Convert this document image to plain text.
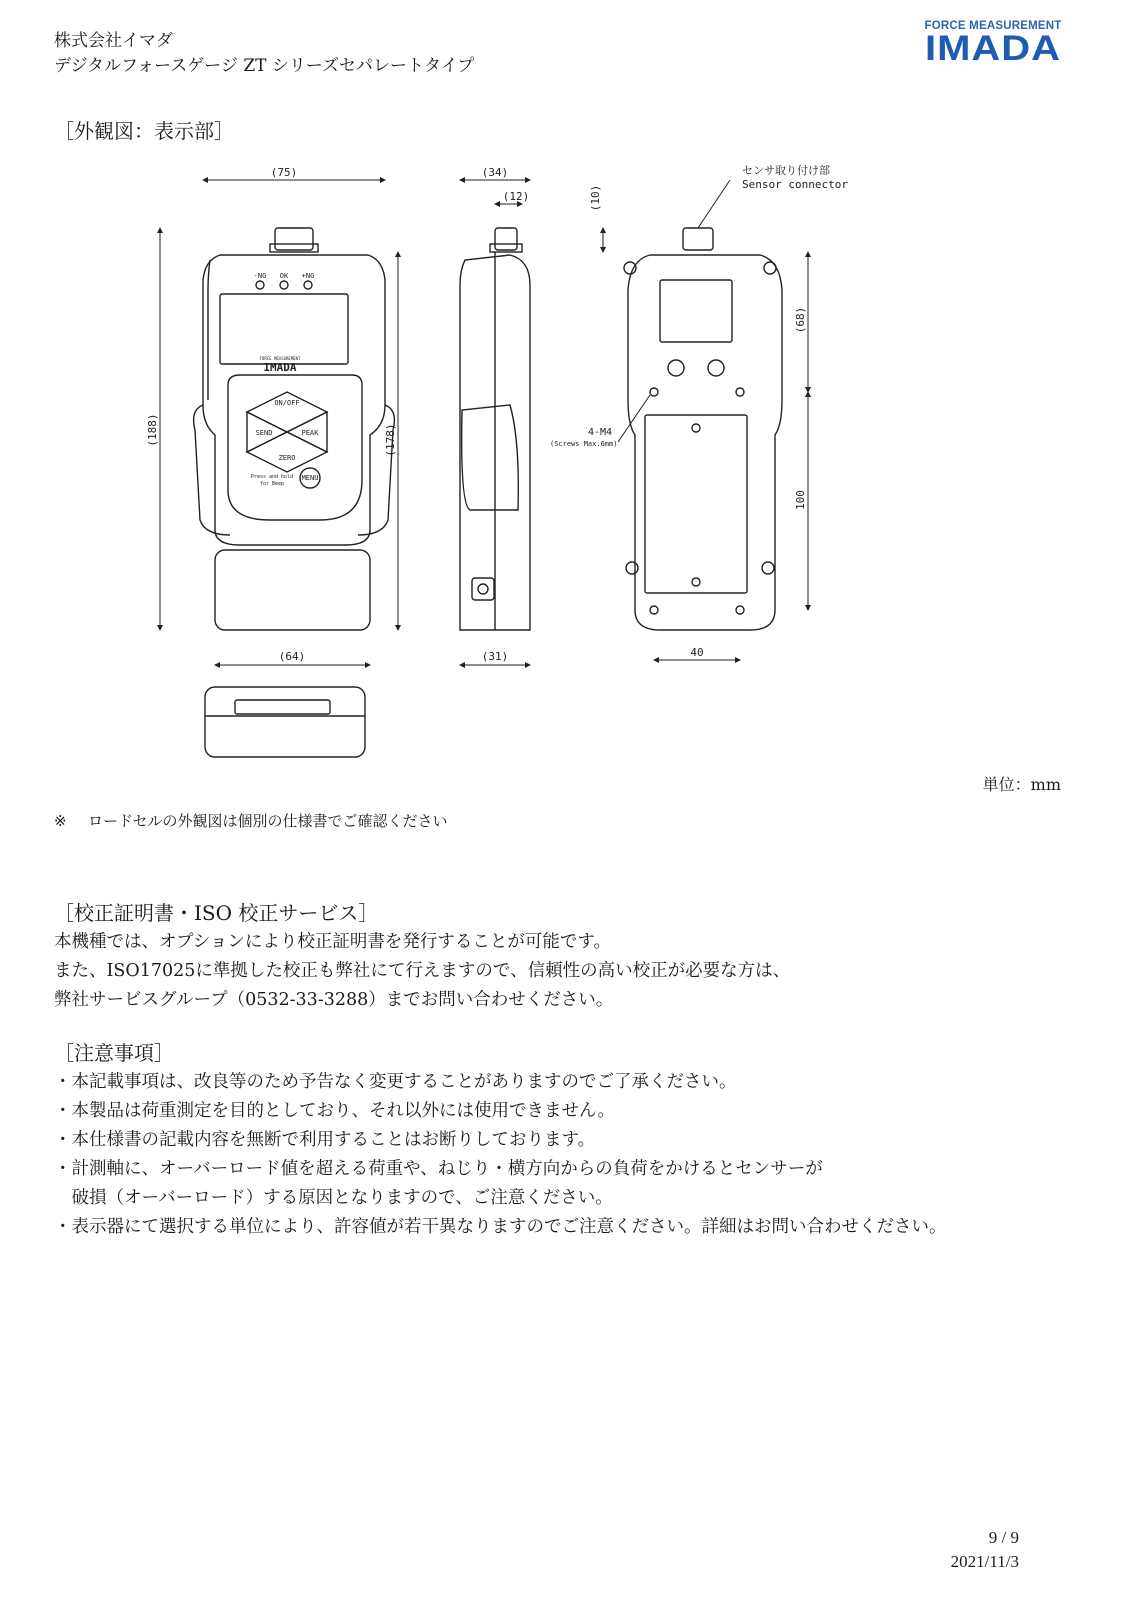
株式会社イマダ
デジタルフォースゲージ ZT シリーズセパレートタイプ
FORCE MEASUREMENT
IMADA
［外観図：表示部］
(75)
(64)
(188)	(178)
(34)
(12)
(31)
(10)
(68)
100
40
センサ取り付け部
Sensor connector
4-M4
(Screws Max.6mm)
-NG OK +NG
FORCE MEASUREMENT
IMADA
ON/OFF
SEND	PEAK
ZERO
MENU
Press and hold
for Beep
単位：mm
※ ロードセルの外観図は個別の仕様書でご確認ください
［校正証明書・ISO 校正サービス］
本機種では、オプションにより校正証明書を発行することが可能です。
また、ISO17025に準拠した校正も弊社にて行えますので、信頼性の高い校正が必要な方は、
弊社サービスグループ（0532-33-3288）までお問い合わせください。
［注意事項］
・本記載事項は、改良等のため予告なく変更することがありますのでご了承ください。
・本製品は荷重測定を目的としており、それ以外には使用できません。
・本仕様書の記載内容を無断で利用することはお断りしております。
・計測軸に、オーバーロード値を超える荷重や、ねじり・横方向からの負荷をかけるとセンサーが
　破損（オーバーロード）する原因となりますので、ご注意ください。
・表示器にて選択する単位により、許容値が若干異なりますのでご注意ください。詳細はお問い合わせください。
9 / 9
2021/11/3
